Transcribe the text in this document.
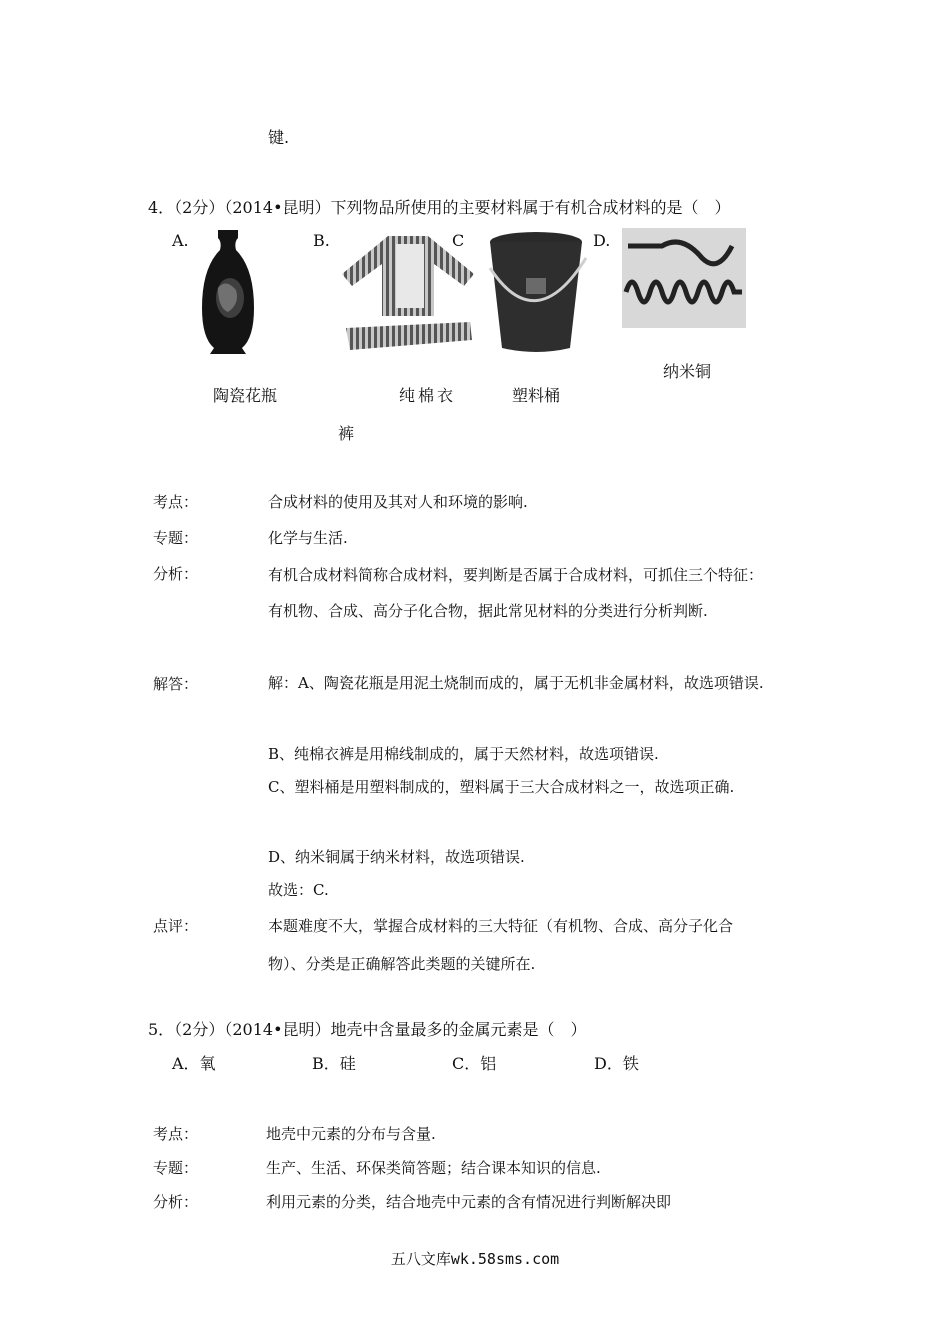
键.
4．（2分）（2014•昆明）下列物品所使用的主要材料属于有机合成材料的是（　）
A.	B.	C	D.
陶瓷花瓶	纯棉衣
裤
塑料桶
纳米铜
考点：	合成材料的使用及其对人和环境的影响.
专题：	化学与生活.
分析：	有机合成材料简称合成材料，要判断是否属于合成材料，可抓住三个特征：有机物、合成、高分子化合物，据此常见材料的分类进行分析判断.
解答：	解：A、陶瓷花瓶是用泥土烧制而成的，属于无机非金属材料，故选项错误.
B、纯棉衣裤是用棉线制成的，属于天然材料，故选项错误.
C、塑料桶是用塑料制成的，塑料属于三大合成材料之一，故选项正确.
D、纳米铜属于纳米材料，故选项错误.
故选：C.
点评：	本题难度不大，掌握合成材料的三大特征（有机物、合成、高分子化合物）、分类是正确解答此类题的关键所在.
5．（2分）（2014•昆明）地壳中含量最多的金属元素是（　）
A．氧	B．硅	C．铝	D．铁
考点：	地壳中元素的分布与含量.
专题：	生产、生活、环保类简答题；结合课本知识的信息.
分析：	利用元素的分类，结合地壳中元素的含有情况进行判断解决即
五八文库wk.58sms.com
